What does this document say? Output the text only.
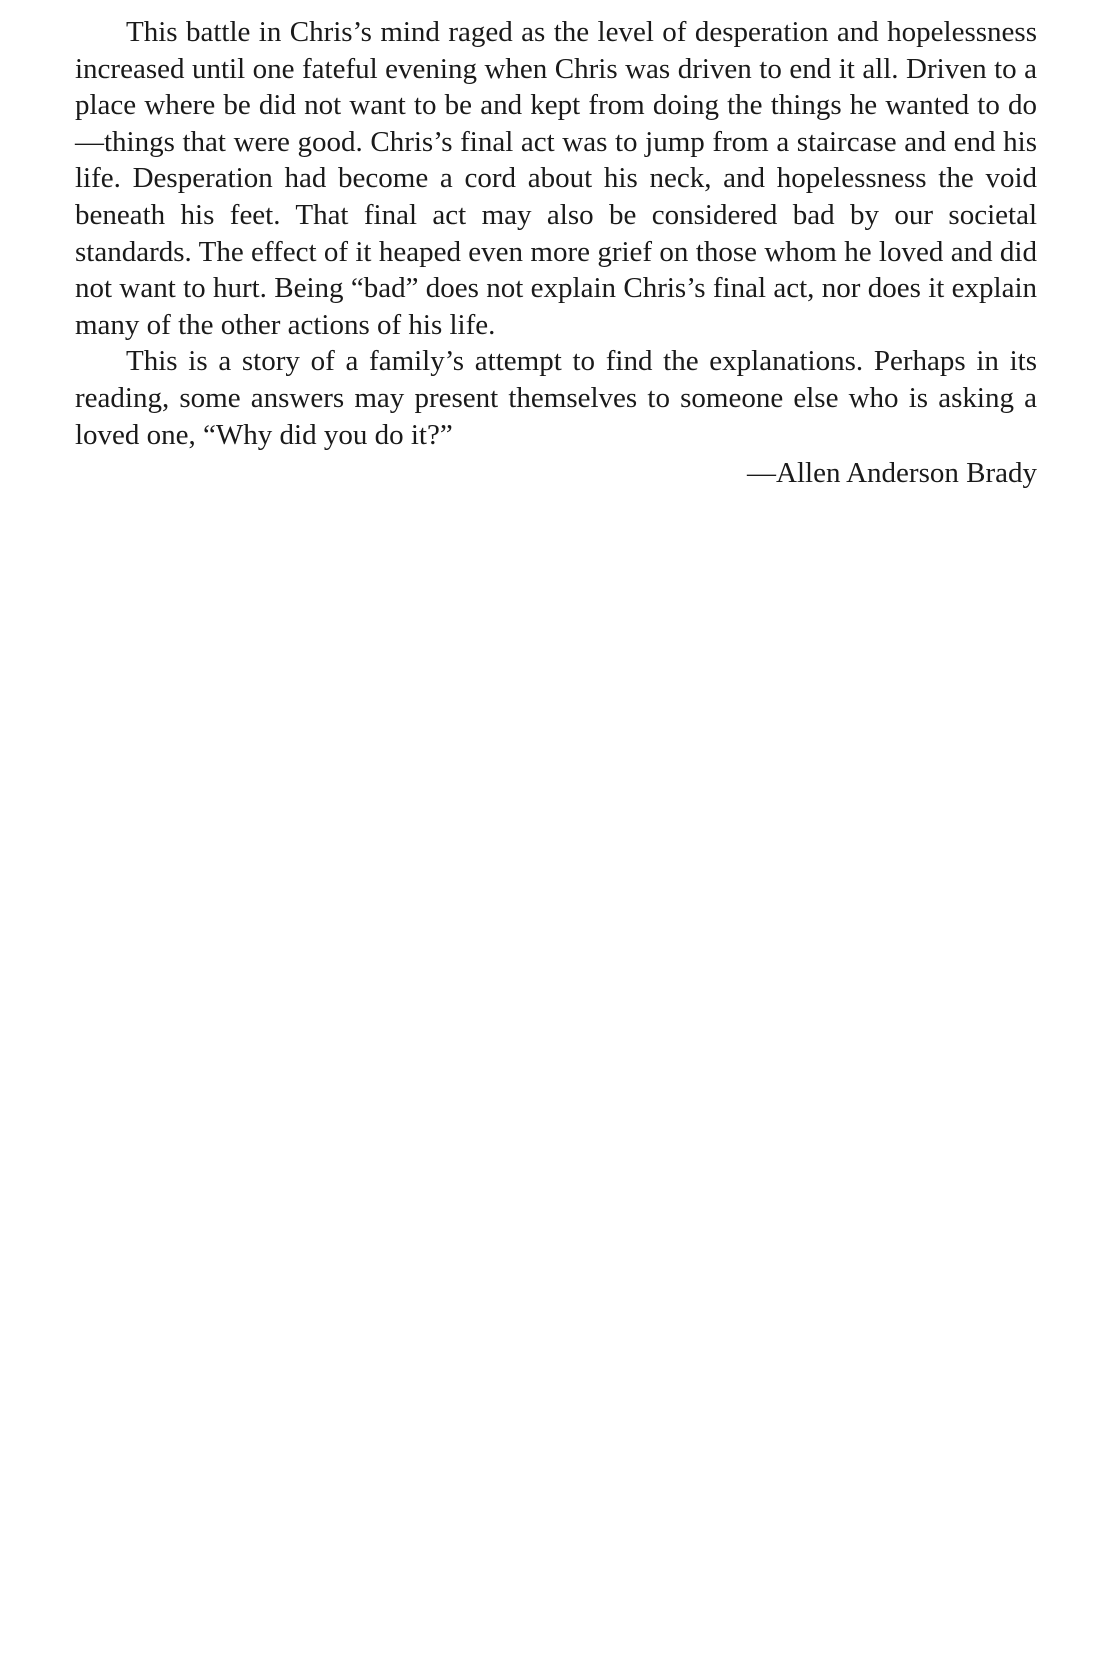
This battle in Chris’s mind raged as the level of desperation and hopelessness increased until one fateful evening when Chris was driven to end it all. Driven to a place where be did not want to be and kept from doing the things he wanted to do—things that were good. Chris’s final act was to jump from a staircase and end his life. Desperation had become a cord about his neck, and hopelessness the void beneath his feet. That final act may also be considered bad by our societal standards. The effect of it heaped even more grief on those whom he loved and did not want to hurt. Being “bad” does not explain Chris’s final act, nor does it explain many of the other actions of his life.

This is a story of a family’s attempt to find the explanations. Perhaps in its reading, some answers may present themselves to someone else who is asking a loved one, “Why did you do it?”

—Allen Anderson Brady
